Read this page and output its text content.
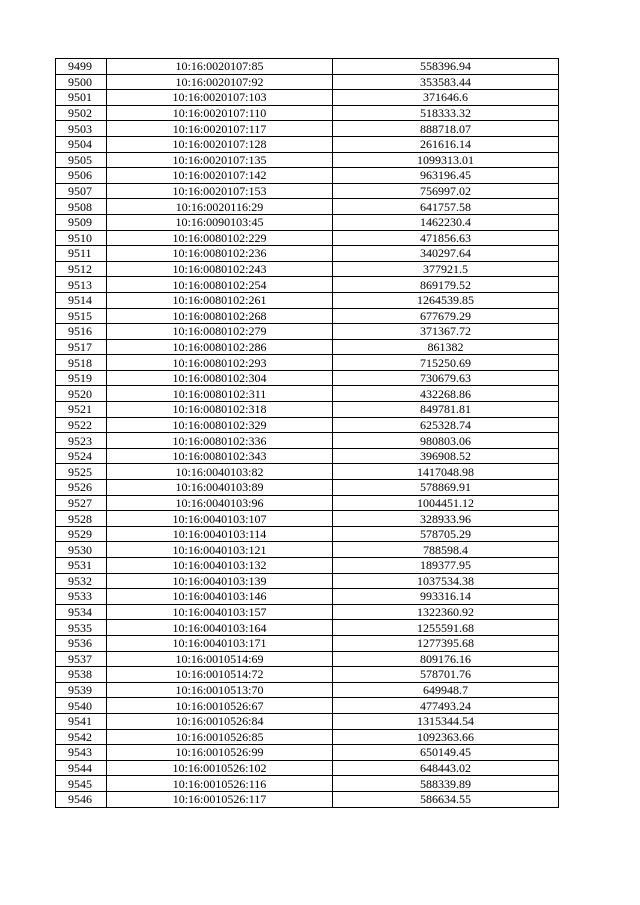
9499	10:16:0020107:85	558396.94
9500	10:16:0020107:92	353583.44
9501	10:16:0020107:103	371646.6
9502	10:16:0020107:110	518333.32
9503	10:16:0020107:117	888718.07
9504	10:16:0020107:128	261616.14
9505	10:16:0020107:135	1099313.01
9506	10:16:0020107:142	963196.45
9507	10:16:0020107:153	756997.02
9508	10:16:0020116:29	641757.58
9509	10:16:0090103:45	1462230.4
9510	10:16:0080102:229	471856.63
9511	10:16:0080102:236	340297.64
9512	10:16:0080102:243	377921.5
9513	10:16:0080102:254	869179.52
9514	10:16:0080102:261	1264539.85
9515	10:16:0080102:268	677679.29
9516	10:16:0080102:279	371367.72
9517	10:16:0080102:286	861382
9518	10:16:0080102:293	715250.69
9519	10:16:0080102:304	730679.63
9520	10:16:0080102:311	432268.86
9521	10:16:0080102:318	849781.81
9522	10:16:0080102:329	625328.74
9523	10:16:0080102:336	980803.06
9524	10:16:0080102:343	396908.52
9525	10:16:0040103:82	1417048.98
9526	10:16:0040103:89	578869.91
9527	10:16:0040103:96	1004451.12
9528	10:16:0040103:107	328933.96
9529	10:16:0040103:114	578705.29
9530	10:16:0040103:121	788598.4
9531	10:16:0040103:132	189377.95
9532	10:16:0040103:139	1037534.38
9533	10:16:0040103:146	993316.14
9534	10:16:0040103:157	1322360.92
9535	10:16:0040103:164	1255591.68
9536	10:16:0040103:171	1277395.68
9537	10:16:0010514:69	809176.16
9538	10:16:0010514:72	578701.76
9539	10:16:0010513:70	649948.7
9540	10:16:0010526:67	477493.24
9541	10:16:0010526:84	1315344.54
9542	10:16:0010526:85	1092363.66
9543	10:16:0010526:99	650149.45
9544	10:16:0010526:102	648443.02
9545	10:16:0010526:116	588339.89
9546	10:16:0010526:117	586634.55
